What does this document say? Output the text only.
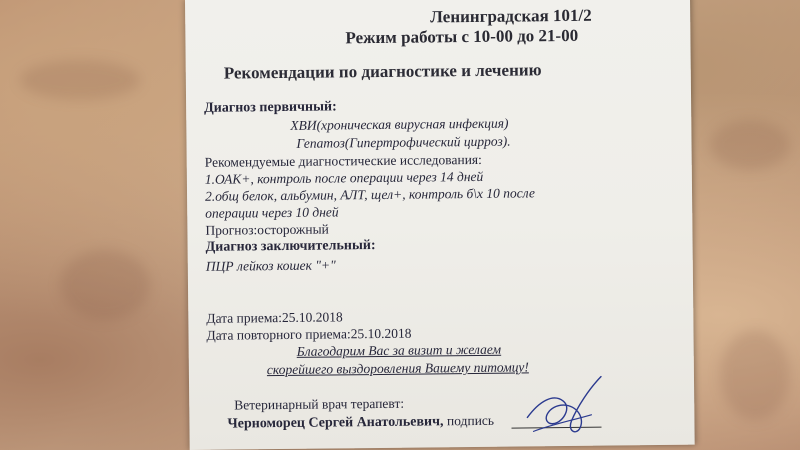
Ленинградская 101/2
Режим работы с 10-00 до 21-00
Рекомендации по диагностике и лечению
Диагноз первичный:
ХВИ(хроническая вирусная инфекция)
Гепатоз(Гипертрофический цирроз).
Рекомендуемые диагностические исследования:
1.ОАК+, контроль после операции через 14 дней
2.общ белок, альбумин, АЛТ, щел+, контроль б\х 10 после
операции через 10 дней
Прогноз:осторожный
Диагноз заключительный:
ПЦР лейкоз кошек "+"
Дата приема:25.10.2018
Дата повторного приема:25.10.2018
Благодарим Вас за визит и желаем
скорейшего выздоровления Вашему питомцу!
Ветеринарный врач терапевт:
Черноморец Сергей Анатольевич, подпись
